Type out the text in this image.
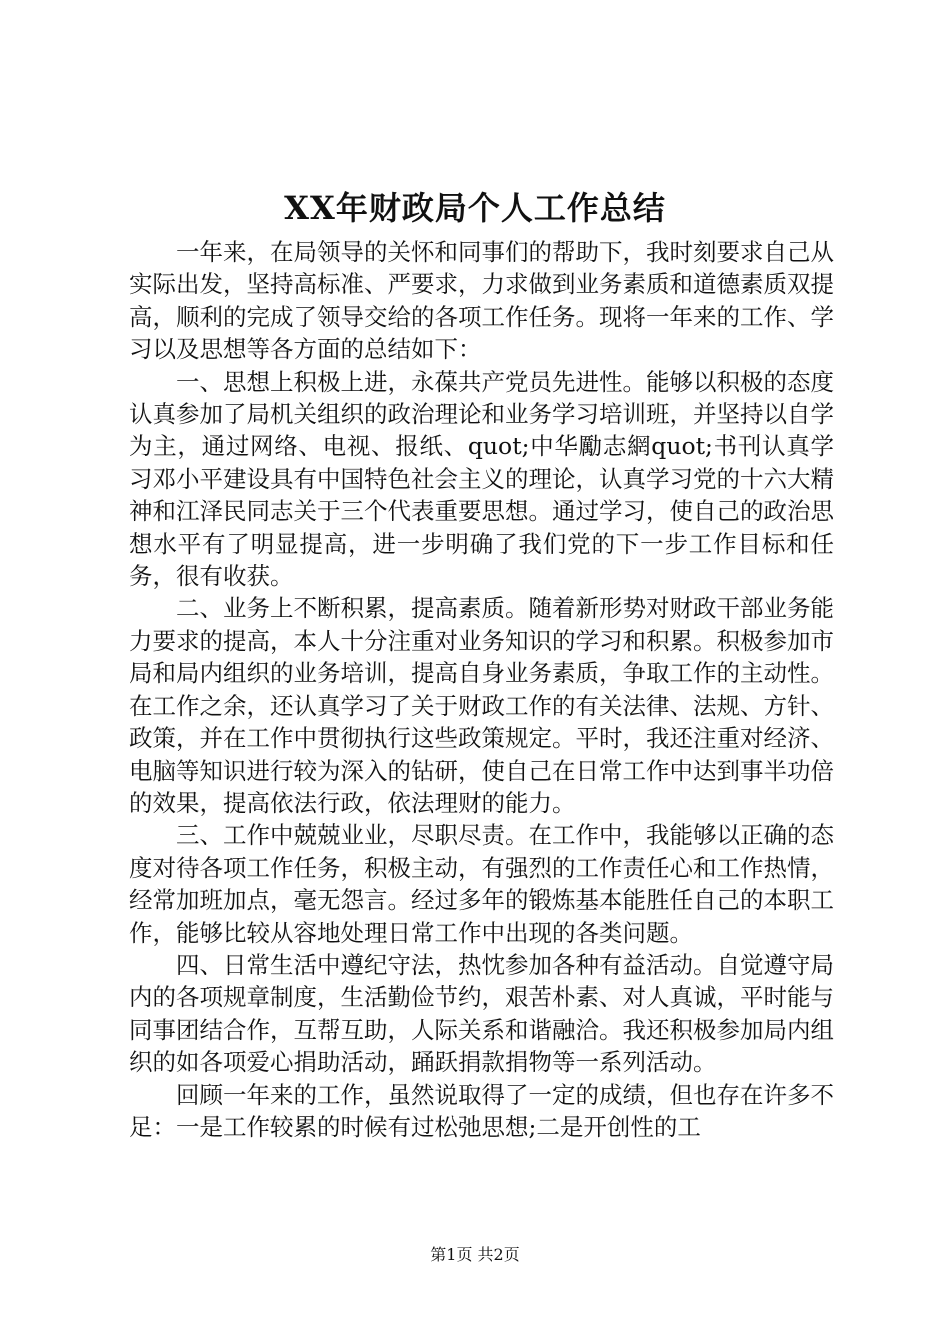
XX年财政局个人工作总结

一年来，在局领导的关怀和同事们的帮助下，我时刻要求自己从实际出发，坚持高标准、严要求，力求做到业务素质和道德素质双提高，顺利的完成了领导交给的各项工作任务。现将一年来的工作、学习以及思想等各方面的总结如下：

一、思想上积极上进，永葆共产党员先进性。能够以积极的态度认真参加了局机关组织的政治理论和业务学习培训班，并坚持以自学为主，通过网络、电视、报纸、quot;中华勵志網quot;书刊认真学习邓小平建设具有中国特色社会主义的理论，认真学习党的十六大精神和江泽民同志关于三个代表重要思想。通过学习，使自己的政治思想水平有了明显提高，进一步明确了我们党的下一步工作目标和任务，很有收获。

二、业务上不断积累，提高素质。随着新形势对财政干部业务能力要求的提高，本人十分注重对业务知识的学习和积累。积极参加市局和局内组织的业务培训，提高自身业务素质，争取工作的主动性。在工作之余，还认真学习了关于财政工作的有关法律、法规、方针、政策，并在工作中贯彻执行这些政策规定。平时，我还注重对经济、电脑等知识进行较为深入的钻研，使自己在日常工作中达到事半功倍的效果，提高依法行政，依法理财的能力。

三、工作中兢兢业业，尽职尽责。在工作中，我能够以正确的态度对待各项工作任务，积极主动，有强烈的工作责任心和工作热情，经常加班加点，毫无怨言。经过多年的锻炼基本能胜任自己的本职工作，能够比较从容地处理日常工作中出现的各类问题。

四、日常生活中遵纪守法，热忱参加各种有益活动。自觉遵守局内的各项规章制度，生活勤俭节约，艰苦朴素、对人真诚，平时能与同事团结合作，互帮互助，人际关系和谐融洽。我还积极参加局内组织的如各项爱心捐助活动，踊跃捐款捐物等一系列活动。

回顾一年来的工作，虽然说取得了一定的成绩，但也存在许多不足：一是工作较累的时候有过松弛思想;二是开创性的工

第1页 共2页
